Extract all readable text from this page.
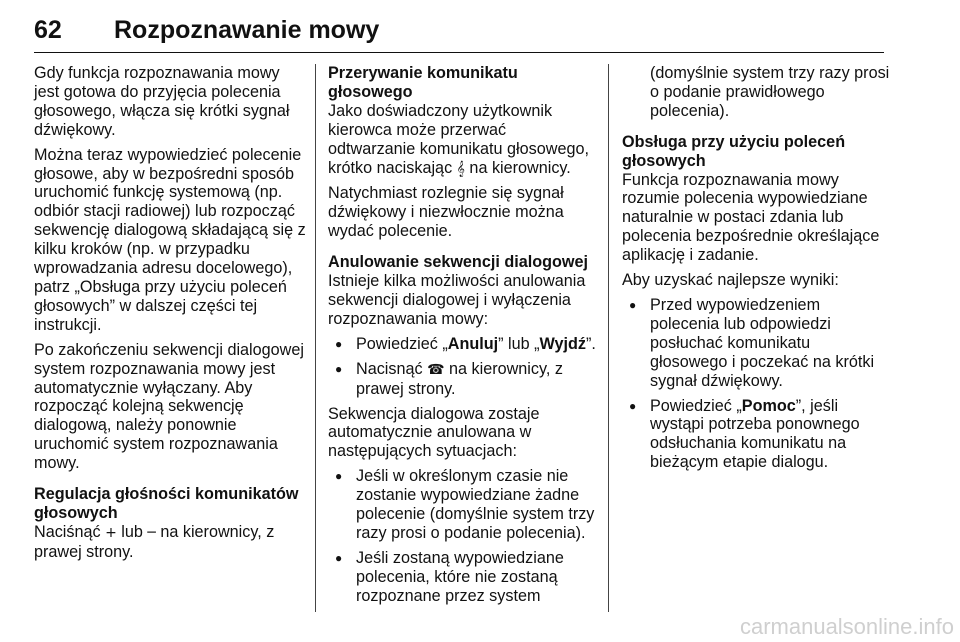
62 Rozpoznawanie mowy

Gdy funkcja rozpoznawania mowy jest gotowa do przyjęcia polecenia głosowego, włącza się krótki sygnał dźwiękowy.

Można teraz wypowiedzieć polecenie głosowe, aby w bezpośredni sposób uruchomić funkcję systemową (np. odbiór stacji radiowej) lub rozpocząć sekwencję dialogową składającą się z kilku kroków (np. w przypadku wprowadzania adresu docelowego), patrz „Obsługa przy użyciu poleceń głosowych” w dalszej części tej instrukcji.

Po zakończeniu sekwencji dialogowej system rozpoznawania mowy jest automatycznie wyłączany. Aby rozpocząć kolejną sekwencję dialogową, należy ponownie uruchomić system rozpoznawania mowy.

Regulacja głośności komunikatów głosowych

Naciśnąć + lub ─ na kierownicy, z prawej strony.

Przerywanie komunikatu głosowego

Jako doświadczony użytkownik kierowca może przerwać odtwarzanie komunikatu głosowego, krótko naciskając 𝄞 na kierownicy.

Natychmiast rozlegnie się sygnał dźwiękowy i niezwłocznie można wydać polecenie.

Anulowanie sekwencji dialogowej

Istnieje kilka możliwości anulowania sekwencji dialogowej i wyłączenia rozpoznawania mowy:

● Powiedzieć „Anuluj” lub „Wyjdź”.
● Nacisnąć ☎ na kierownicy, z prawej strony.

Sekwencja dialogowa zostaje automatycznie anulowana w następujących sytuacjach:

● Jeśli w określonym czasie nie zostanie wypowiedziane żadne polecenie (domyślnie system trzy razy prosi o podanie polecenia).
● Jeśli zostaną wypowiedziane polecenia, które nie zostaną rozpoznane przez system

(domyślnie system trzy razy prosi o podanie prawidłowego polecenia).

Obsługa przy użyciu poleceń głosowych

Funkcja rozpoznawania mowy rozumie polecenia wypowiedziane naturalnie w postaci zdania lub polecenia bezpośrednie określające aplikację i zadanie.

Aby uzyskać najlepsze wyniki:

● Przed wypowiedzeniem polecenia lub odpowiedzi posłuchać komunikatu głosowego i poczekać na krótki sygnał dźwiękowy.
● Powiedzieć „Pomoc”, jeśli wystąpi potrzeba ponownego odsłuchania komunikatu na bieżącym etapie dialogu.
carmanualsonline.info
